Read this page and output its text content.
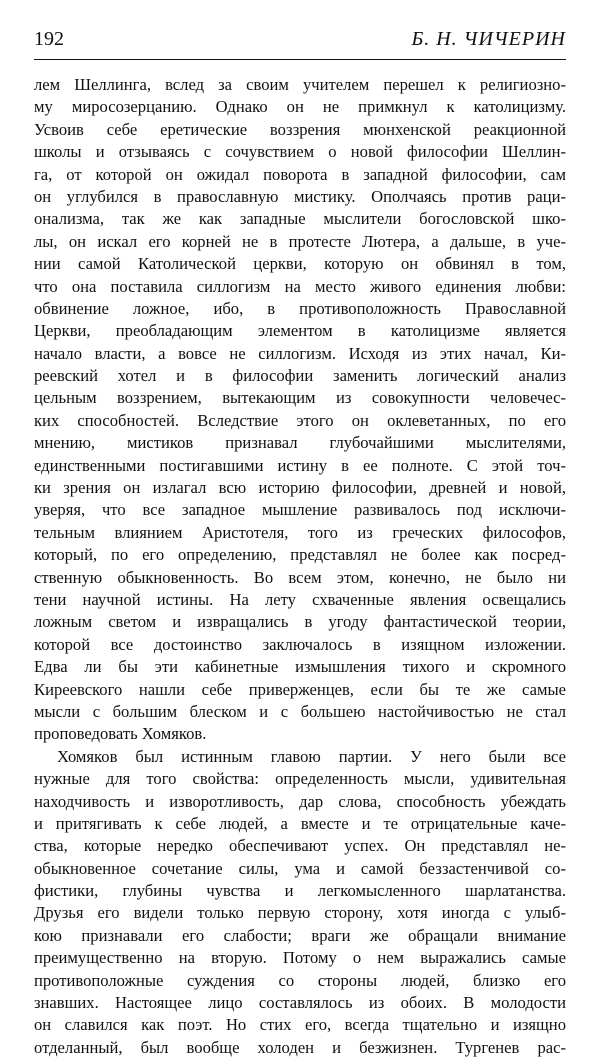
192	Б. Н. ЧИЧЕРИН
лем Шеллинга, вслед за своим учителем перешел к религиозно-
му миросозерцанию. Однако он не примкнул к католицизму.
Усвоив себе еретические воззрения мюнхенской реакционной
школы и отзываясь с сочувствием о новой философии Шеллин-
га, от которой он ожидал поворота в западной философии, сам
он углубился в православную мистику. Ополчаясь против раци-
онализма, так же как западные мыслители богословской шко-
лы, он искал его корней не в протесте Лютера, а дальше, в уче-
нии самой Католической церкви, которую он обвинял в том,
что она поставила силлогизм на место живого единения любви:
обвинение ложное, ибо, в противоположность Православной
Церкви, преобладающим элементом в католицизме является
начало власти, а вовсе не силлогизм. Исходя из этих начал, Ки-
реевский хотел и в философии заменить логический анализ
цельным воззрением, вытекающим из совокупности человечес-
ких способностей. Вследствие этого он оклеветанных, по его
мнению, мистиков признавал глубочайшими мыслителями,
единственными постигавшими истину в ее полноте. С этой точ-
ки зрения он излагал всю историю философии, древней и новой,
уверяя, что все западное мышление развивалось под исключи-
тельным влиянием Аристотеля, того из греческих философов,
который, по его определению, представлял не более как посред-
ственную обыкновенность. Во всем этом, конечно, не было ни
тени научной истины. На лету схваченные явления освещались
ложным светом и извращались в угоду фантастической теории,
которой все достоинство заключалось в изящном изложении.
Едва ли бы эти кабинетные измышления тихого и скромного
Киреевского нашли себе приверженцев, если бы те же самые
мысли с большим блеском и с большею настойчивостью не стал
проповедовать Хомяков.
Хомяков был истинным главою партии. У него были все
нужные для того свойства: определенность мысли, удивительная
находчивость и изворотливость, дар слова, способность убеждать
и притягивать к себе людей, а вместе и те отрицательные каче-
ства, которые нередко обеспечивают успех. Он представлял не-
обыкновенное сочетание силы, ума и самой беззастенчивой со-
фистики, глубины чувства и легкомысленного шарлатанства.
Друзья его видели только первую сторону, хотя иногда с улыб-
кою признавали его слабости; враги же обращали внимание
преимущественно на вторую. Потому о нем выражались самые
противоположные суждения со стороны людей, близко его
знавших. Настоящее лицо составлялось из обоих. В молодости
он славился как поэт. Но стих его, всегда тщательно и изящно
отделанный, был вообще холоден и безжизнен. Тургенев рас-
